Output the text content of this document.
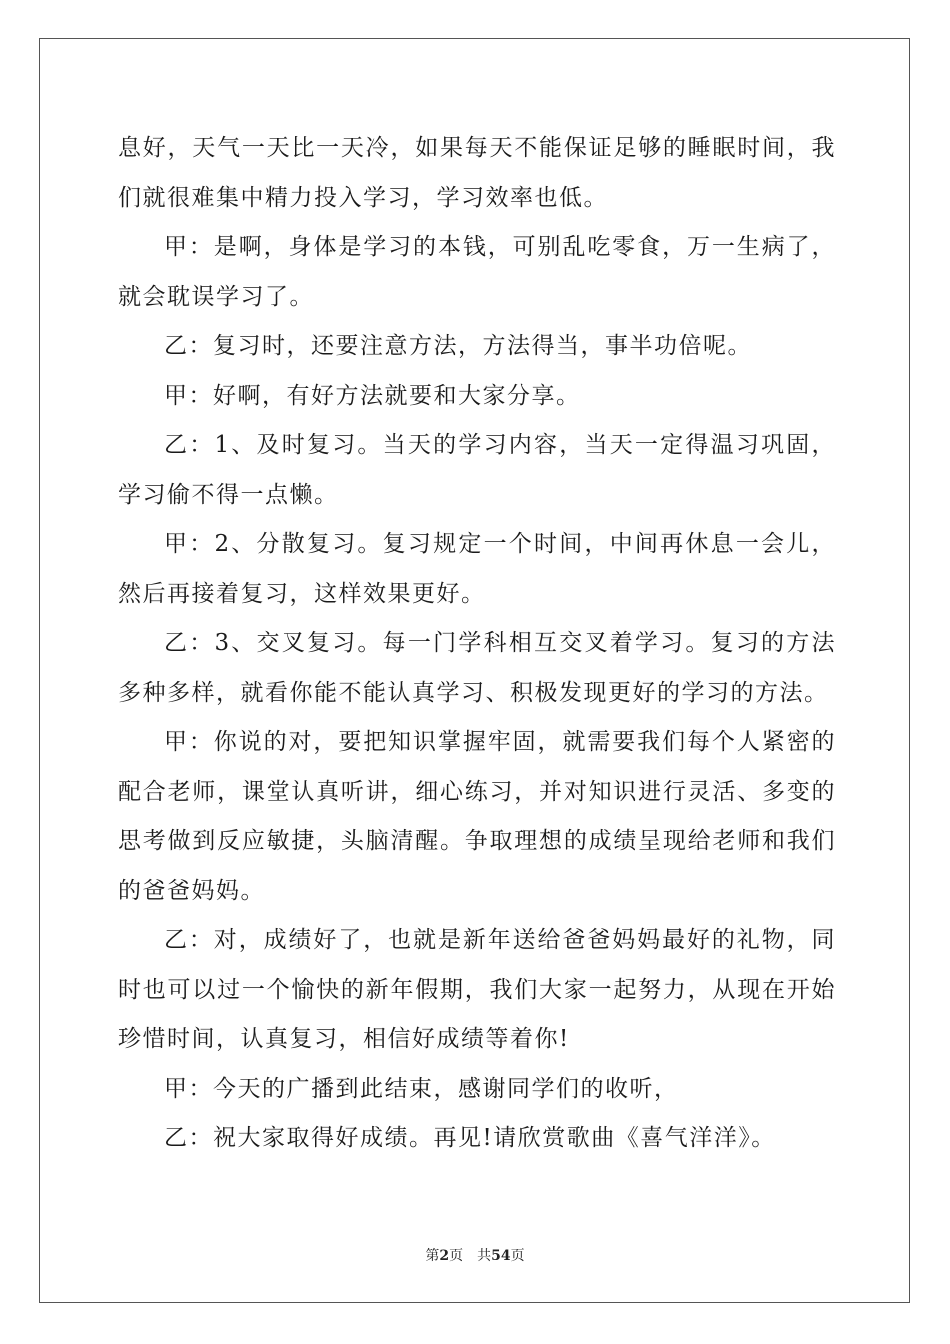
息好，天气一天比一天冷，如果每天不能保证足够的睡眠时间，我们就很难集中精力投入学习，学习效率也低。

甲：是啊，身体是学习的本钱，可别乱吃零食，万一生病了，就会耽误学习了。

乙：复习时，还要注意方法，方法得当，事半功倍呢。

甲：好啊，有好方法就要和大家分享。

乙：1、及时复习。当天的学习内容，当天一定得温习巩固，学习偷不得一点懒。

甲：2、分散复习。复习规定一个时间，中间再休息一会儿，然后再接着复习，这样效果更好。

乙：3、交叉复习。每一门学科相互交叉着学习。复习的方法多种多样，就看你能不能认真学习、积极发现更好的学习的方法。

甲：你说的对，要把知识掌握牢固，就需要我们每个人紧密的配合老师，课堂认真听讲，细心练习，并对知识进行灵活、多变的思考做到反应敏捷，头脑清醒。争取理想的成绩呈现给老师和我们的爸爸妈妈。

乙：对，成绩好了，也就是新年送给爸爸妈妈最好的礼物，同时也可以过一个愉快的新年假期，我们大家一起努力，从现在开始珍惜时间，认真复习，相信好成绩等着你!

甲：今天的广播到此结束，感谢同学们的收听，

乙：祝大家取得好成绩。再见!请欣赏歌曲《喜气洋洋》。

第2页 共54页
